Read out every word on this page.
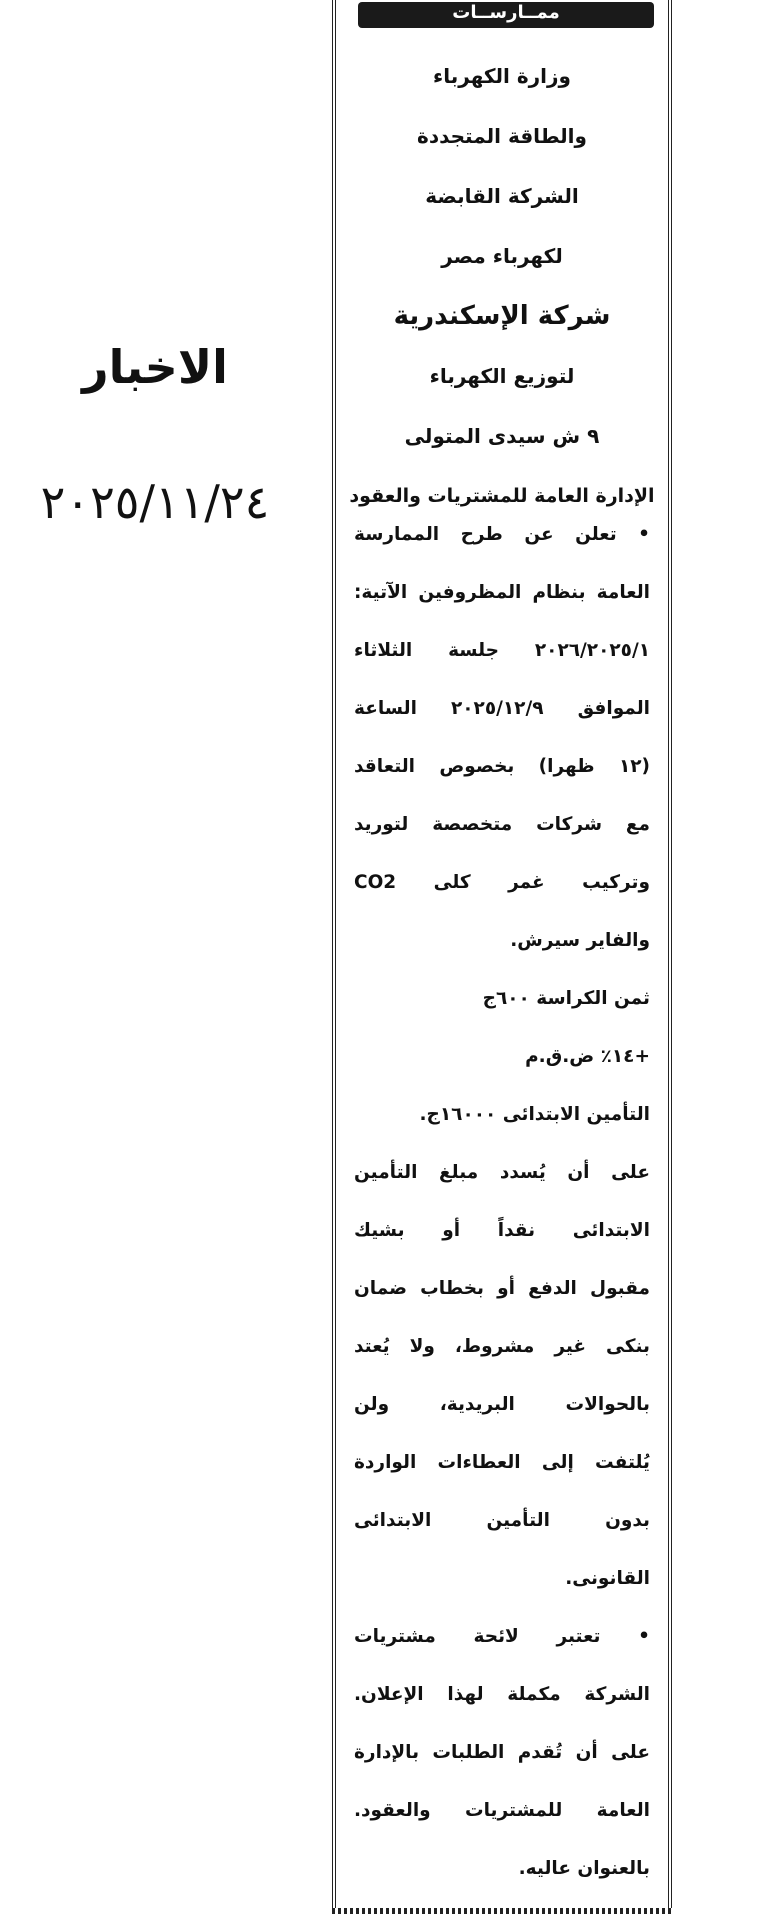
الاخبار
٢٠٢٥/١١/٢٤
ممــارســات
وزارة الكهرباء
والطاقة المتجددة
الشركة القابضة
لكهرباء مصر
شركة الإسكندرية
لتوزيع الكهرباء
٩ ش سيدى المتولى
الإدارة العامة للمشتريات والعقود
• تعلن عن طرح الممارسة
العامة بنظام المظروفين الآتية:
٢٠٢٦/٢٠٢٥/١ جلسة الثلاثاء
الموافق ٢٠٢٥/١٢/٩ الساعة
(١٢ ظهرا) بخصوص التعاقد
مع شركات متخصصة لتوريد
وتركيب غمر كلى CO2
والفاير سيرش.
ثمن الكراسة ٦٠٠ج
+١٤٪ ض.ق.م
التأمين الابتدائى ١٦٠٠٠ج.
على أن يُسدد مبلغ التأمين
الابتدائى نقداً أو بشيك
مقبول الدفع أو بخطاب ضمان
بنكى غير مشروط، ولا يُعتد
بالحوالات البريدية، ولن
يُلتفت إلى العطاءات الواردة
بدون التأمين الابتدائى
القانونى.
• تعتبر لائحة مشتريات
الشركة مكملة لهذا الإعلان.
على أن تُقدم الطلبات بالإدارة
العامة للمشتريات والعقود.
بالعنوان عاليه.
